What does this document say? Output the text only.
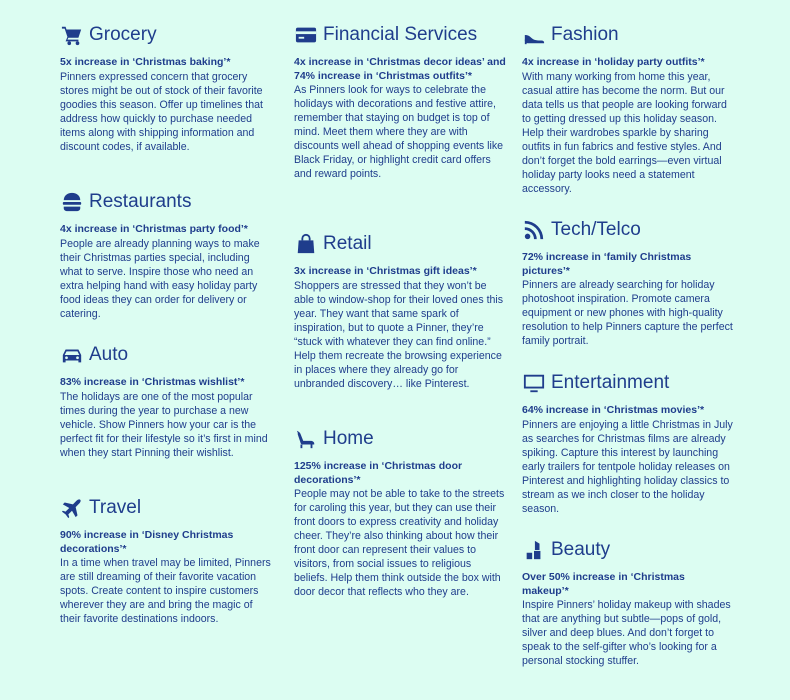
Grocery
5x increase in ‘Christmas baking’*
Pinners expressed concern that grocery stores might be out of stock of their favorite goodies this season. Offer up timelines that address how quickly to purchase needed items along with shipping information and discount codes, if available.
Restaurants
4x increase in ‘Christmas party food’*
People are already planning ways to make their Christmas parties special, including what to serve. Inspire those who need an extra helping hand with easy holiday party food ideas they can order for delivery or catering.
Auto
83% increase in ‘Christmas wishlist’*
The holidays are one of the most popular times during the year to purchase a new vehicle. Show Pinners how your car is the perfect fit for their lifestyle so it’s first in mind when they start Pinning their wishlist.
Travel
90% increase in ‘Disney Christmas decorations’*
In a time when travel may be limited, Pinners are still dreaming of their favorite vacation spots. Create content to inspire customers wherever they are and bring the magic of their favorite destinations indoors.
Financial Services
4x increase in ‘Christmas decor ideas’ and 74% increase in ‘Christmas outfits’*
As Pinners look for ways to celebrate the holidays with decorations and festive attire, remember that staying on budget is top of mind. Meet them where they are with discounts well ahead of shopping events like Black Friday, or highlight credit card offers and reward points.
Retail
3x increase in ‘Christmas gift ideas’*
Shoppers are stressed that they won’t be able to window-shop for their loved ones this year. They want that same spark of inspiration, but to quote a Pinner, they’re “stuck with whatever they can find online.” Help them recreate the browsing experience in places where they already go for unbranded discovery… like Pinterest.
Home
125% increase in ‘Christmas door decorations’*
People may not be able to take to the streets for caroling this year, but they can use their front doors to express creativity and holiday cheer. They’re also thinking about how their front door can represent their values to visitors, from social issues to religious beliefs. Help them think outside the box with door decor that reflects who they are.
Fashion
4x increase in ‘holiday party outfits’*
With many working from home this year, casual attire has become the norm. But our data tells us that people are looking forward to getting dressed up this holiday season. Help their wardrobes sparkle by sharing outfits in fun fabrics and festive styles. And don’t forget the bold earrings—even virtual holiday party looks need a statement accessory.
Tech/Telco
72% increase in ‘family Christmas pictures’*
Pinners are already searching for holiday photoshoot inspiration. Promote camera equipment or new phones with high-quality resolution to help Pinners capture the perfect family portrait.
Entertainment
64% increase in ‘Christmas movies’*
Pinners are enjoying a little Christmas in July as searches for Christmas films are already spiking. Capture this interest by launching early trailers for tentpole holiday releases on Pinterest and highlighting holiday classics to stream as we inch closer to the holiday season.
Beauty
Over 50% increase in ‘Christmas makeup’*
Inspire Pinners’ holiday makeup with shades that are anything but subtle—pops of gold, silver and deep blues. And don’t forget to speak to the self-gifter who’s looking for a personal stocking stuffer.
